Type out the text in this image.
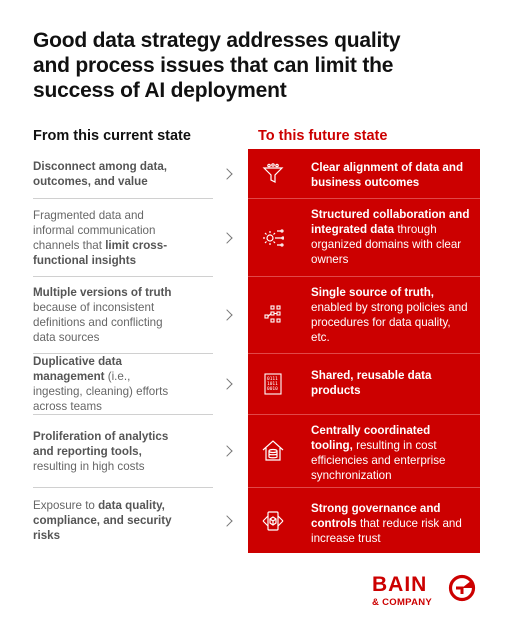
Good data strategy addresses quality
and process issues that can limit the
success of AI deployment
From this current state	To this future state
Disconnect among data, outcomes, and value
Clear alignment of data and business outcomes
Fragmented data and informal communication channels that limit cross-functional insights
Structured collaboration and integrated data through organized domains with clear owners
Multiple versions of truth because of inconsistent definitions and conflicting data sources
Single source of truth, enabled by strong policies and procedures for data quality, etc.
Duplicative data management (i.e., ingesting, cleaning) efforts across teams
0111
1011
0010
Shared, reusable data products
Proliferation of analytics and reporting tools, resulting in high costs
Centrally coordinated tooling, resulting in cost efficiencies and enterprise synchronization
Exposure to data quality, compliance, and security risks
Strong governance and controls that reduce risk and increase trust
BAIN
& COMPANY
